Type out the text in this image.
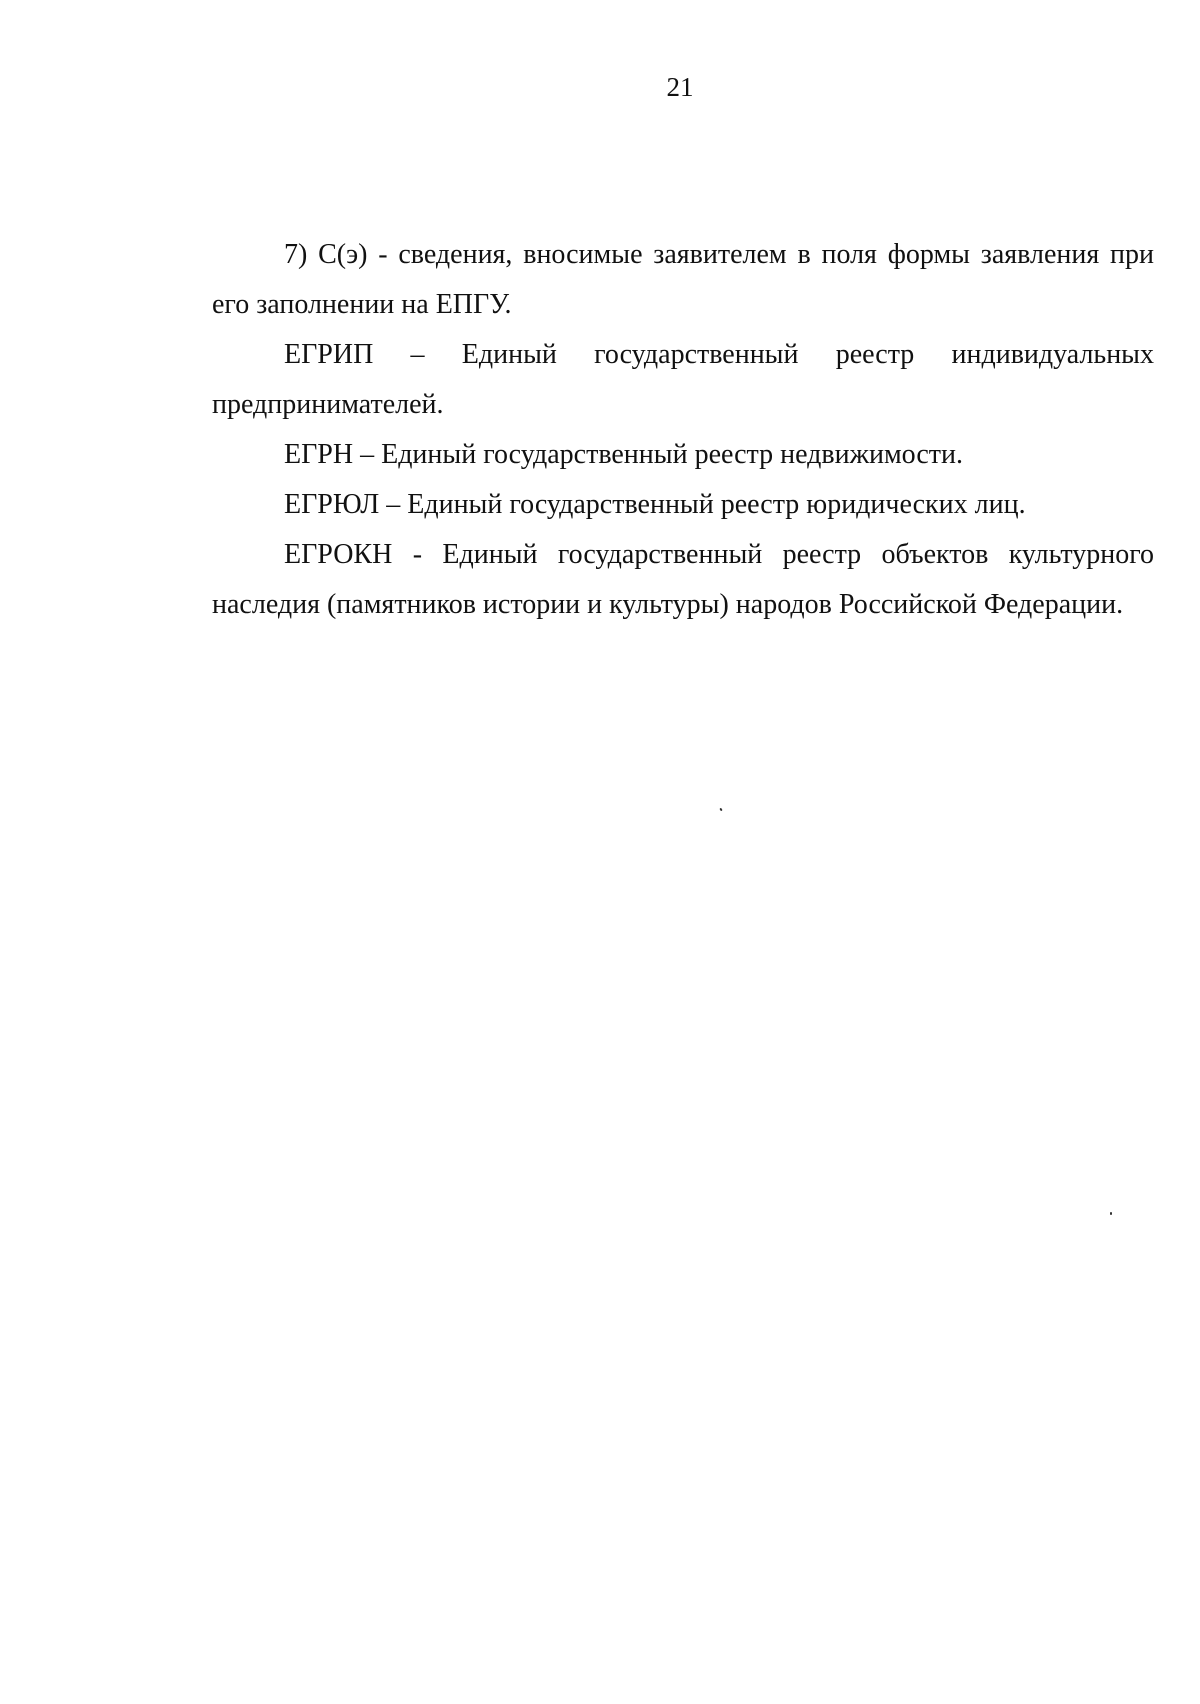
21

7) С(э) - сведения, вносимые заявителем в поля формы заявления при его заполнении на ЕПГУ.

ЕГРИП – Единый государственный реестр индивидуальных предпринимателей.

ЕГРН – Единый государственный реестр недвижимости.

ЕГРЮЛ – Единый государственный реестр юридических лиц.

ЕГРОКН - Единый государственный реестр объектов культурного наследия (памятников истории и культуры) народов Российской Федерации.
